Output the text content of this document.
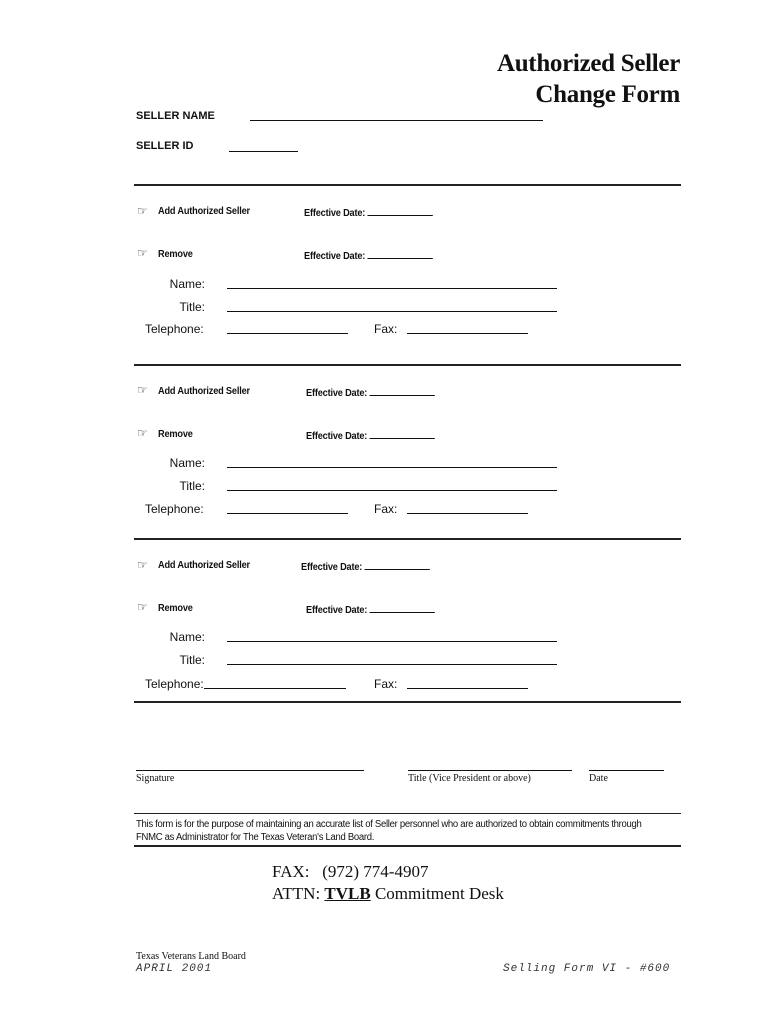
Authorized Seller
Change Form
SELLER NAME
SELLER ID
☞ Add Authorized Seller	Effective Date:
☞ Remove	Effective Date:
Name:
Title:
Telephone:	Fax:
☞ Add Authorized Seller	Effective Date:
☞ Remove	Effective Date:
Name:
Title:
Telephone:	Fax:
☞ Add Authorized Seller	Effective Date:
☞ Remove	Effective Date:
Name:
Title:
Telephone:	Fax:
Signature	Title (Vice President or above)	Date
This form is for the purpose of maintaining an accurate list of Seller personnel who are authorized to obtain commitments through
FNMC as Administrator for The Texas Veteran's Land Board.
FAX: (972) 774-4907
ATTN: TVLB Commitment Desk
Texas Veterans Land Board
APRIL 2001	Selling Form VI - #600
